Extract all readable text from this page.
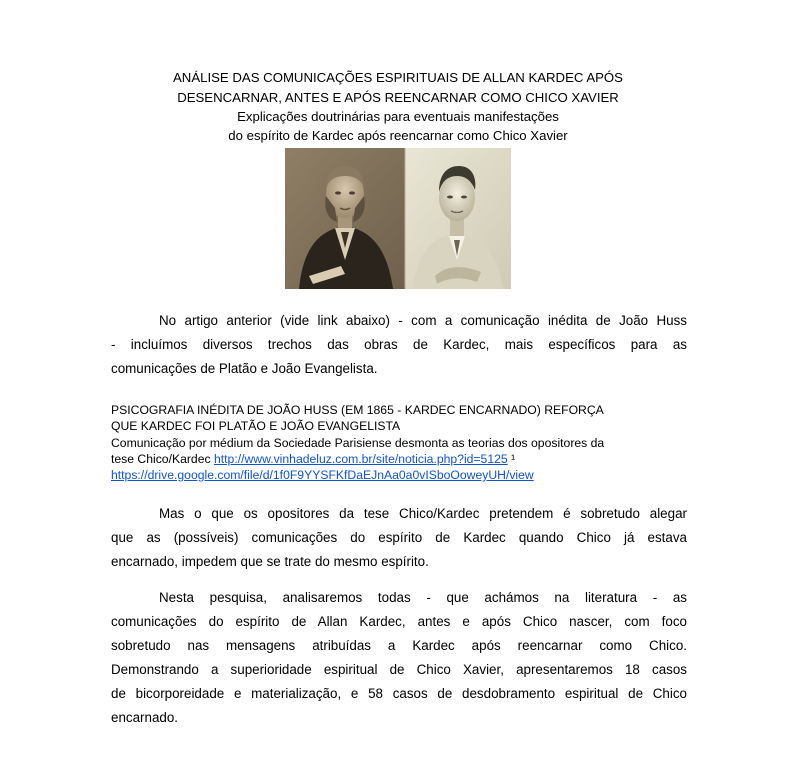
ANÁLISE DAS COMUNICAÇÕES ESPIRITUAIS DE ALLAN KARDEC APÓS
DESENCARNAR, ANTES E APÓS REENCARNAR COMO CHICO XAVIER
Explicações doutrinárias para eventuais manifestações
do espírito de Kardec após reencarnar como Chico Xavier
No artigo anterior (vide link abaixo) - com a comunicação inédita de João Huss
- incluímos diversos trechos das obras de Kardec, mais específicos para as
comunicações de Platão e João Evangelista.
PSICOGRAFIA INÉDITA DE JOÃO HUSS (EM 1865 - KARDEC ENCARNADO) REFORÇA
QUE KARDEC FOI PLATÃO E JOÃO EVANGELISTA
Comunicação por médium da Sociedade Parisiense desmonta as teorias dos opositores da
tese Chico/Kardec http://www.vinhadeluz.com.br/site/noticia.php?id=5125 ¹
https://drive.google.com/file/d/1f0F9YYSFKfDaEJnAa0a0vISboOoweyUH/view
Mas o que os opositores da tese Chico/Kardec pretendem é sobretudo alegar
que as (possíveis) comunicações do espírito de Kardec quando Chico já estava
encarnado, impedem que se trate do mesmo espírito.
Nesta pesquisa, analisaremos todas - que achámos na literatura - as
comunicações do espírito de Allan Kardec, antes e após Chico nascer, com foco
sobretudo nas mensagens atribuídas a Kardec após reencarnar como Chico.
Demonstrando a superioridade espiritual de Chico Xavier, apresentaremos 18 casos
de bicorporeidade e materialização, e 58 casos de desdobramento espiritual de Chico
encarnado.
